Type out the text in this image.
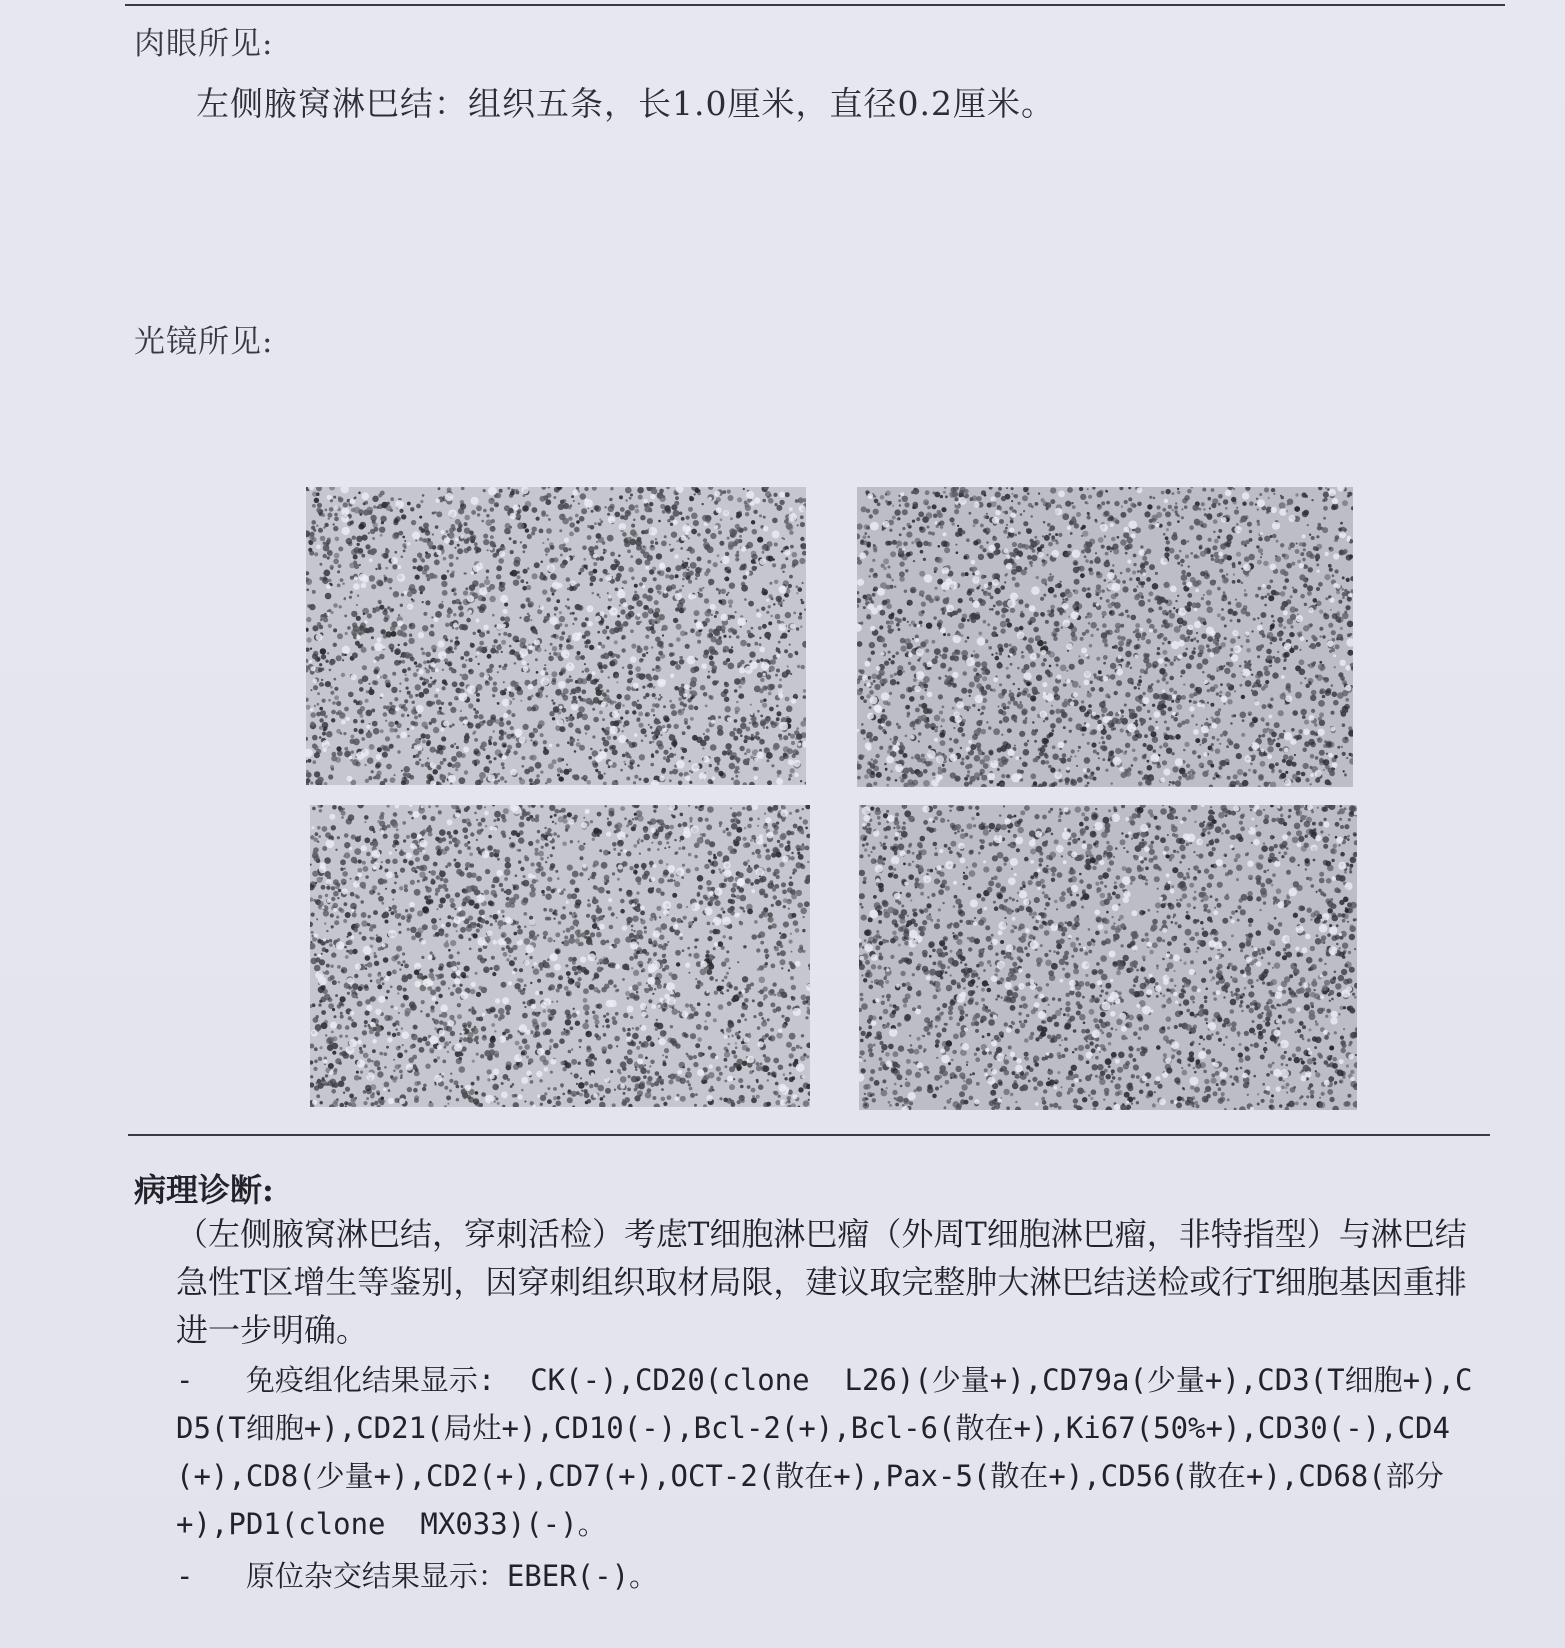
肉眼所见:
左侧腋窝淋巴结：组织五条，长1.0厘米，直径0.2厘米。
光镜所见:
病理诊断:
（左侧腋窝淋巴结，穿刺活检）考虑T细胞淋巴瘤（外周T细胞淋巴瘤，非特指型）与淋巴结急性T区增生等鉴别，因穿刺组织取材局限，建议取完整肿大淋巴结送检或行T细胞基因重排进一步明确。
-   免疫组化结果显示:  CK(-),CD20(clone  L26)(少量+),CD79a(少量+),CD3(T细胞+),CD5(T细胞+),CD21(局灶+),CD10(-),Bcl-2(+),Bcl-6(散在+),Ki67(50%+),CD30(-),CD4(+),CD8(少量+),CD2(+),CD7(+),OCT-2(散在+),Pax-5(散在+),CD56(散在+),CD68(部分+),PD1(clone  MX033)(-)。
-   原位杂交结果显示：EBER(-)。
